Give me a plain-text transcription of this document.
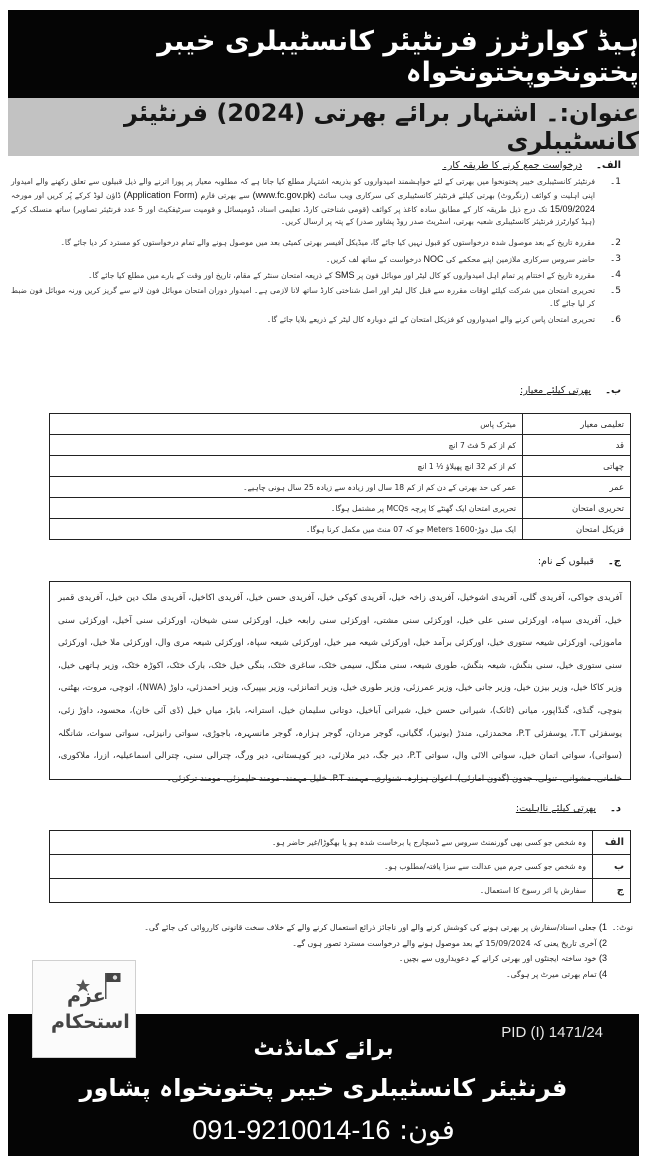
ہیڈ کوارٹرز فرنٹیئر کانسٹیبلری خیبر پختونخوپختونخواہ
عنوان:۔ اشتہار برائے بھرتی (2024) فرنٹیئر کانسٹیبلری
الف۔
درخواست جمع کرنے کا طریقہ کار۔
1۔
فرنٹیئر کانسٹیبلری خیبر پختونخوا میں بھرتی کے لئے خواہشمند امیدواروں کو بذریعہ اشتہار مطلع کیا جاتا ہے کہ مطلوبہ معیار پر پورا اترنے والے ذیل قبیلوں سے تعلق رکھنے والے امیدوار اپنی اہلیت و کوائف (رنگروٹ) بھرتی کیلئے فرنٹیئر کانسٹیبلری کی سرکاری ویب سائٹ (www.fc.gov.pk) سے بھرتی فارم (Application Form) ڈاؤن لوڈ کرکے پُر کریں اور مورخہ 15/09/2024 تک درج ذیل طریقہ کار کے مطابق سادہ کاغذ پر کوائف (قومی شناختی کارڈ، تعلیمی اسناد، ڈومیسائل و قومیت سرٹیفکیٹ اور 5 عدد فرنٹیئر تصاویر) ساتھ منسلک کرکے (ہیڈ کوارٹرز فرنٹیئر کانسٹیبلری شعبہ بھرتی، اسٹریٹ صدر روڈ پشاور صدر) کے پتہ پر ارسال کریں۔
2۔
مقررہ تاریخ کے بعد موصول شدہ درخواستوں کو قبول نہیں کیا جائے گا، میڈیکل آفیسر بھرتی کمیٹی بعد میں موصول ہونے والے تمام درخواستوں کو مسترد کر دیا جائے گا۔
3۔
حاضر سروس سرکاری ملازمین اپنے محکمے کی NOC درخواست کے ساتھ لف کریں۔
4۔
مقررہ تاریخ کے اختتام پر تمام اہل امیدواروں کو کال لیٹر اور موبائل فون پر SMS کے ذریعہ امتحان سنٹر کے مقام، تاریخ اور وقت کے بارے میں مطلع کیا جائے گا۔
5۔
تحریری امتحان میں شرکت کیلئے اوقات مقررہ سے قبل کال لیٹر اور اصل شناختی کارڈ ساتھ لانا لازمی ہے۔ امیدوار دوران امتحان موبائل فون لانے سے گریز کریں ورنہ موبائل فون ضبط کر لیا جائے گا۔
6۔
تحریری امتحان پاس کرنے والے امیدواروں کو فزیکل امتحان کے لئے دوبارہ کال لیٹر کے ذریعے بلایا جائے گا۔
ب۔
بھرتی کیلئے معیار:
تعلیمی معیار	میٹرک پاس
قد	کم از کم 5 فٹ 7 انچ
چھاتی	کم از کم 32 انچ پھیلاؤ ½ 1 انچ
عمر	عمر کی حد بھرتی کے دن کم از کم 18 سال اور زیادہ سے زیادہ 25 سال ہونی چاہیے۔
تحریری امتحان	تحریری امتحان ایک گھنٹے کا پرچہ MCQs پر مشتمل ہوگا۔
فزیکل امتحان	ایک میل دوڑ-1600 Meters جو کہ 07 منٹ میں مکمل کرنا ہوگا۔
ج۔
قبیلوں کے نام:
آفریدی جواکی، آفریدی گلی، آفریدی اشوخیل، آفریدی زاخہ خیل، آفریدی کوکی خیل، آفریدی حسن خیل، آفریدی اکاخیل، آفریدی ملک دین خیل، آفریدی قمبر خیل، آفریدی سپاہ، اورکزئی سنی علی خیل، اورکزئی سنی مشتی، اورکزئی سنی رابعہ خیل، اورکزئی سنی شیخان، اورکزئی سنی آخیل، اورکزئی سنی ماموزئی، اورکزئی شیعہ ستوری خیل، اورکزئی برآمد خیل، اورکزئی شیعہ میر خیل، اورکزئی شیعہ سپاہ، اورکزئی شیعہ مری وال، اورکزئی ملا خیل، اورکزئی سنی ستوری خیل، سنی بنگش، شیعہ بنگش، طوری شیعہ، سنی منگل، سیمی خٹک، ساغری خٹک، بنگی خیل خٹک، بارک خٹک، اکوڑہ خٹک، وزیر ہاتھی خیل، وزیر کاکا خیل، وزیر بیزن خیل، وزیر جانی خیل، وزیر عمرزئی، وزیر طوری خیل، وزیر اتمانزئی، وزیر بیپیرک، وزیر احمدزئی، داوڑ (NWA)، اتوچی، مروت، بھٹنی، بنوچی، گنڈی، گنڈاپور، میانی (ٹانک)، شیرانی حسن خیل، شیرانی آباخیل، دوتانی سلیمان خیل، استرانہ، بابڑ، میاں خیل (ڈی آئی خان)، محسود، داوڑ زئی، یوسفزئی T.T، یوسفزئی P.T، محمدزئی، مندڑ (بونیر)، گگیانی، گوجر مردان، گوجر ہزارہ، گوجر مانسہرہ، باجوڑی، سواتی رانیزئی، سواتی سوات، شانگلہ (سواتی)، سواتی اتمان خیل، سواتی الائی وال، سواتی P.T، دیر جگ، دیر ملازئی، دیر کوہستانی، دیر ورگ، چترالی سنی، چترالی اسماعیلیہ، ازرا، ملاکوری، خلمانی، مشوانی، تنولی، جدون (گدون امازئی)، اعوان ہزارہ، شنواری، مہمند P.T، خلیل مہمند، مومند حلیمزئی، مومند ترکزئی۔
د۔
بھرتی کیلئے نااہلیت:
الف	وہ شخص جو کسی بھی گورنمنٹ سروس سے ڈسچارج یا برخاست شدہ ہو یا بھگوڑا/غیر حاضر ہو۔
ب	وہ شخص جو کسی جرم میں عدالت سے سزا یافتہ/مطلوب ہو۔
ج	سفارش یا اثر رسوخ کا استعمال۔
نوٹ:۔
1) جعلی اسناد/سفارش پر بھرتی ہونے کی کوشش کرنے والے اور ناجائز ذرائع استعمال کرنے والے کے خلاف سخت قانونی کارروائی کی جائے گی۔
2) آخری تاریخ یعنی کہ 15/09/2024 کے بعد موصول ہونے والے درخواست مسترد تصور ہوں گے۔
3) خود ساختہ ایجنٹوں اور بھرتی کرانے کے دعویداروں سے بچیں۔
4) تمام بھرتی میرٹ پر ہوگی۔
عزم
استحکام	PID (I) 1471/24
برائے کمانڈنٹ
فرنٹیئر کانسٹیبلری خیبر پختونخواہ پشاور
فون: 091-9210014-16
